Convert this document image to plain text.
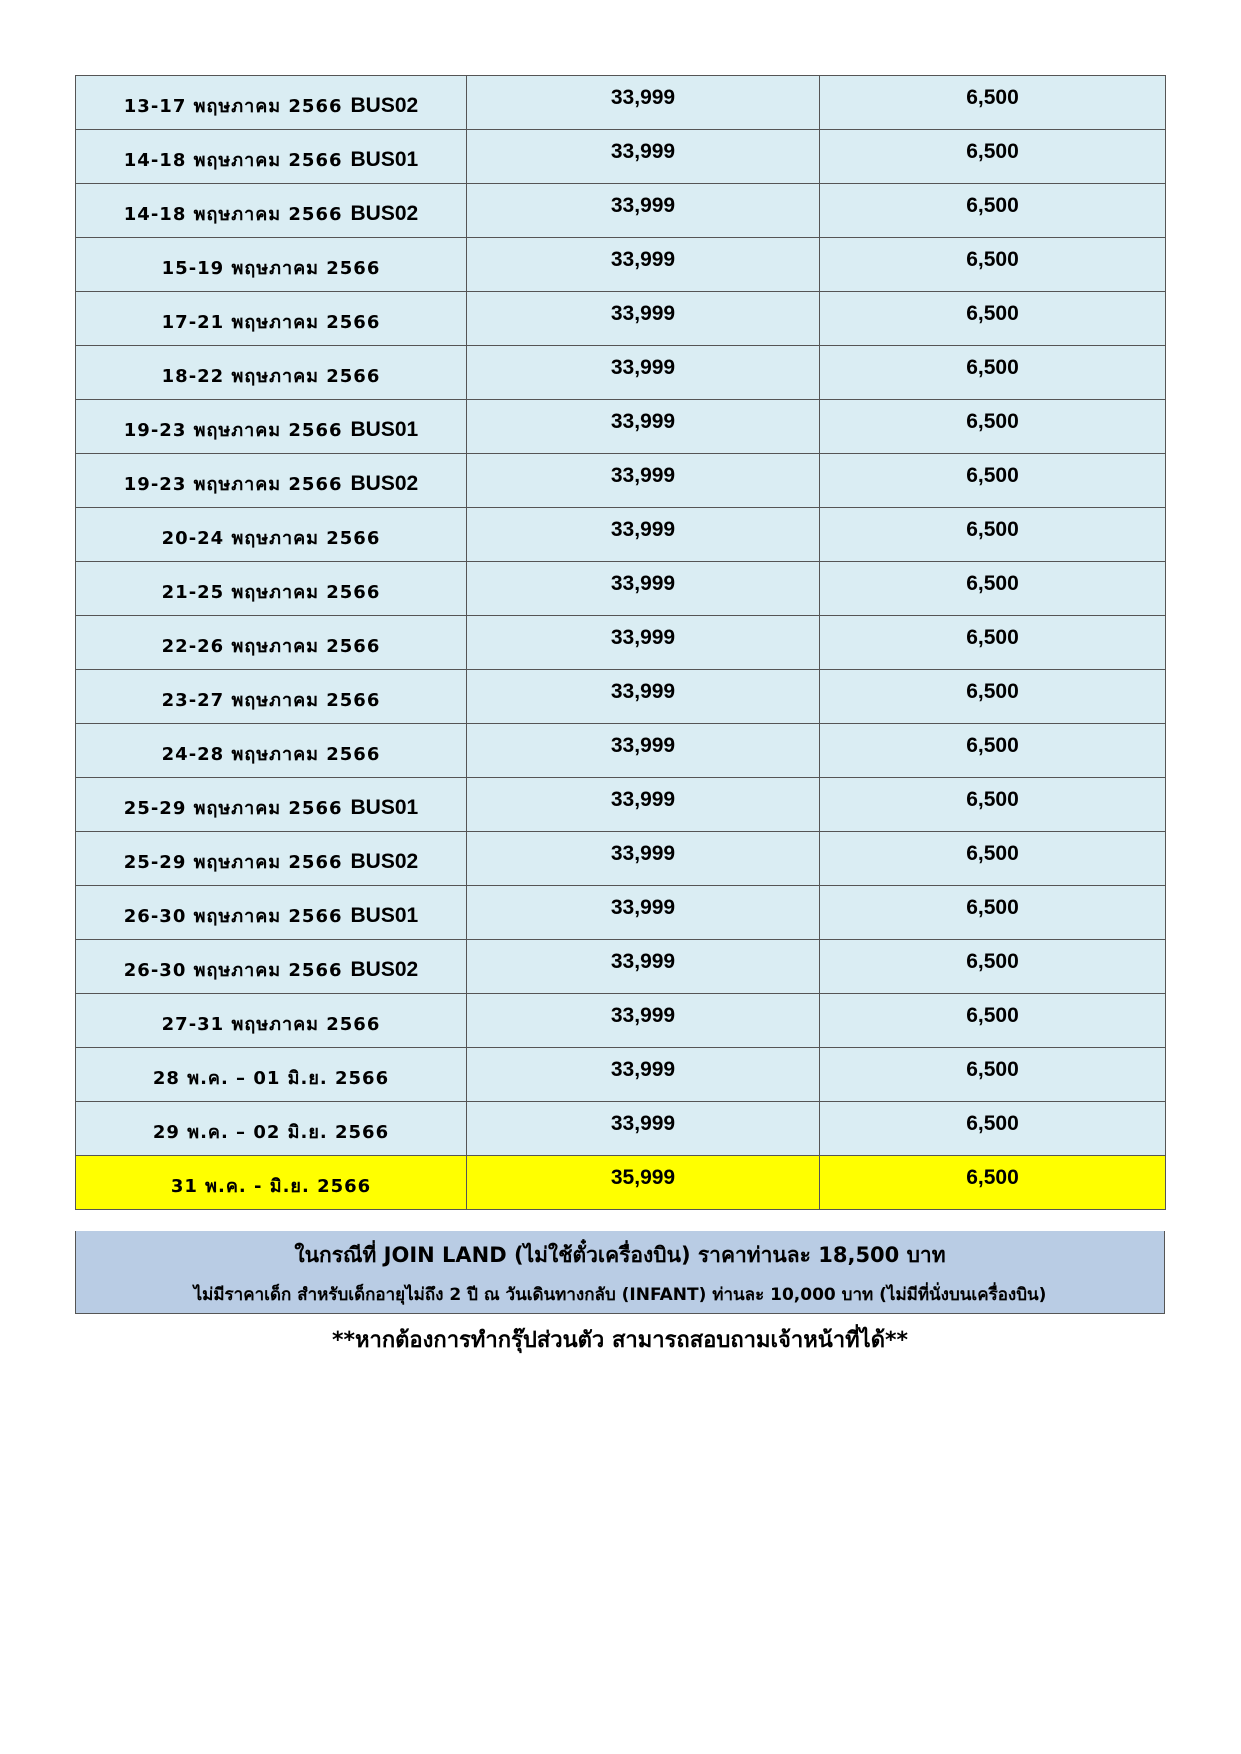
13-17 พฤษภาคม 2566 BUS02	33,999	6,500
14-18 พฤษภาคม 2566 BUS01	33,999	6,500
14-18 พฤษภาคม 2566 BUS02	33,999	6,500
15-19 พฤษภาคม 2566	33,999	6,500
17-21 พฤษภาคม 2566	33,999	6,500
18-22 พฤษภาคม 2566	33,999	6,500
19-23 พฤษภาคม 2566 BUS01	33,999	6,500
19-23 พฤษภาคม 2566 BUS02	33,999	6,500
20-24 พฤษภาคม 2566	33,999	6,500
21-25 พฤษภาคม 2566	33,999	6,500
22-26 พฤษภาคม 2566	33,999	6,500
23-27 พฤษภาคม 2566	33,999	6,500
24-28 พฤษภาคม 2566	33,999	6,500
25-29 พฤษภาคม 2566 BUS01	33,999	6,500
25-29 พฤษภาคม 2566 BUS02	33,999	6,500
26-30 พฤษภาคม 2566 BUS01	33,999	6,500
26-30 พฤษภาคม 2566 BUS02	33,999	6,500
27-31 พฤษภาคม 2566	33,999	6,500
28 พ.ค. – 01 มิ.ย. 2566	33,999	6,500
29 พ.ค. – 02 มิ.ย. 2566	33,999	6,500
31 พ.ค. - มิ.ย. 2566	35,999	6,500
ในกรณีที่ JOIN LAND (ไม่ใช้ตั๋วเครื่องบิน) ราคาท่านละ 18,500 บาท
ไม่มีราคาเด็ก สำหรับเด็กอายุไม่ถึง 2 ปี ณ วันเดินทางกลับ (INFANT) ท่านละ 10,000 บาท (ไม่มีที่นั่งบนเครื่องบิน)
**หากต้องการทำกรุ๊ปส่วนตัว สามารถสอบถามเจ้าหน้าที่ได้**
